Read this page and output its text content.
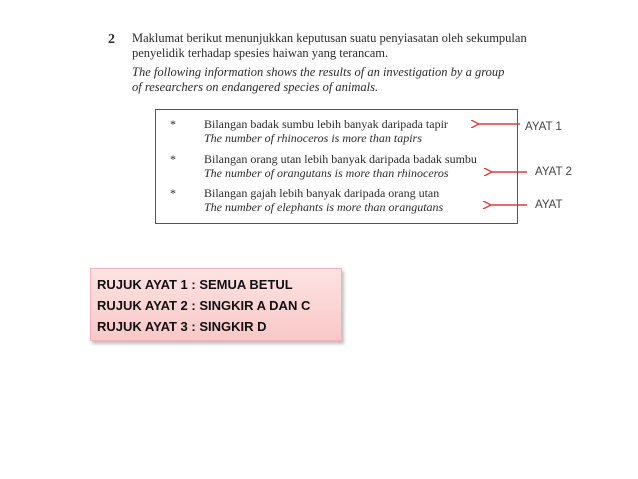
2 Maklumat berikut menunjukkan keputusan suatu penyiasatan oleh sekumpulan
penyelidik terhadap spesies haiwan yang terancam.
The following information shows the results of an investigation by a group
of researchers on endangered species of animals.
* Bilangan badak sumbu lebih banyak daripada tapir
The number of rhinoceros is more than tapirs
* Bilangan orang utan lebih banyak daripada badak sumbu
The number of orangutans is more than rhinoceros
* Bilangan gajah lebih banyak daripada orang utan
The number of elephants is more than orangutans
AYAT 1
AYAT 2
AYAT
RUJUK AYAT 1 : SEMUA BETUL
RUJUK AYAT 2 : SINGKIR A DAN C
RUJUK AYAT 3 : SINGKIR D
